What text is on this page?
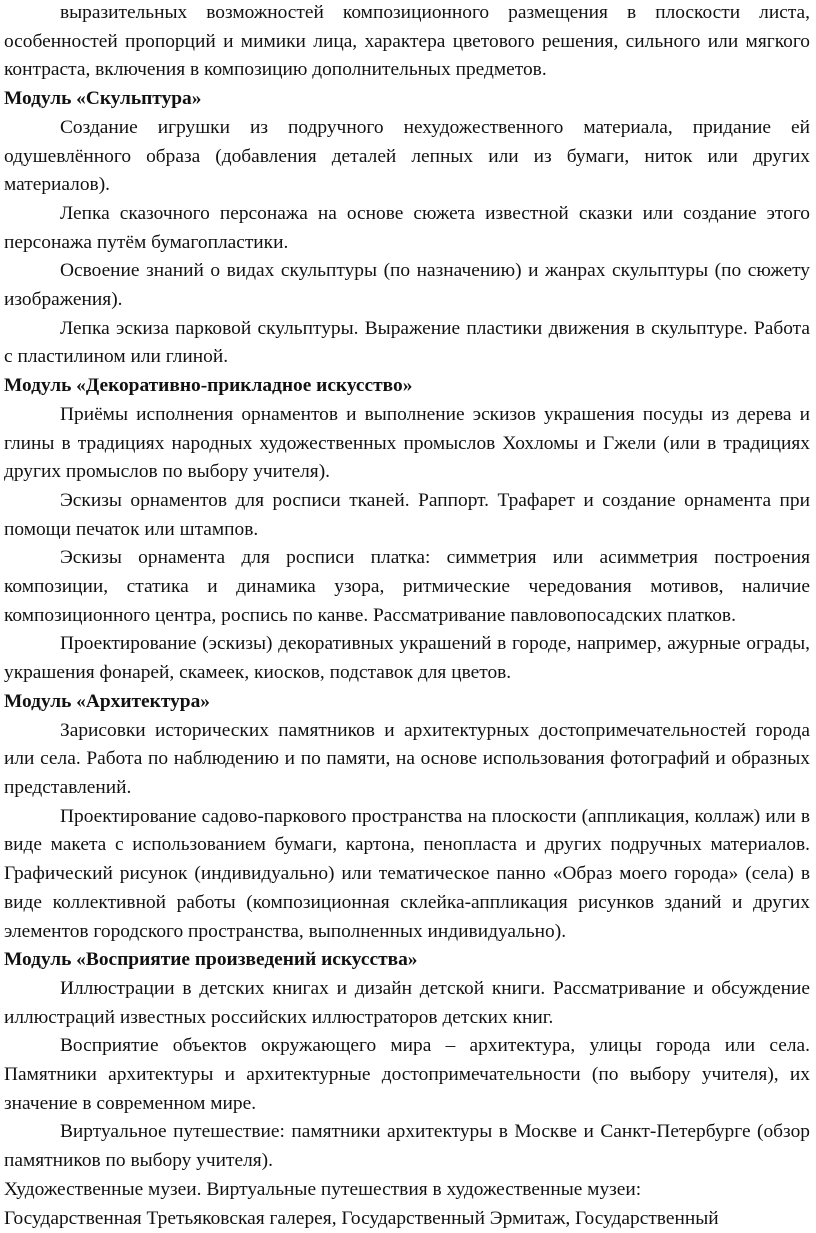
выразительных возможностей композиционного размещения в плоскости листа, особенностей пропорций и мимики лица, характера цветового решения, сильного или мягкого контраста, включения в композицию дополнительных предметов.

Модуль «Скульптура»

Создание игрушки из подручного нехудожественного материала, придание ей одушевлённого образа (добавления деталей лепных или из бумаги, ниток или других материалов).

Лепка сказочного персонажа на основе сюжета известной сказки или создание этого персонажа путём бумагопластики.

Освоение знаний о видах скульптуры (по назначению) и жанрах скульптуры (по сюжету изображения).

Лепка эскиза парковой скульптуры. Выражение пластики движения в скульптуре. Работа с пластилином или глиной.

Модуль «Декоративно-прикладное искусство»

Приёмы исполнения орнаментов и выполнение эскизов украшения посуды из дерева и глины в традициях народных художественных промыслов Хохломы и Гжели (или в традициях других промыслов по выбору учителя).

Эскизы орнаментов для росписи тканей. Раппорт. Трафарет и создание орнамента при помощи печаток или штампов.

Эскизы орнамента для росписи платка: симметрия или асимметрия построения композиции, статика и динамика узора, ритмические чередования мотивов, наличие композиционного центра, роспись по канве. Рассматривание павловопосадских платков.

Проектирование (эскизы) декоративных украшений в городе, например, ажурные ограды, украшения фонарей, скамеек, киосков, подставок для цветов.

Модуль «Архитектура»

Зарисовки исторических памятников и архитектурных достопримечательностей города или села. Работа по наблюдению и по памяти, на основе использования фотографий и образных представлений.

Проектирование садово-паркового пространства на плоскости (аппликация, коллаж) или в виде макета с использованием бумаги, картона, пенопласта и других подручных материалов. Графический рисунок (индивидуально) или тематическое панно «Образ моего города» (села) в виде коллективной работы (композиционная склейка-аппликация рисунков зданий и других элементов городского пространства, выполненных индивидуально).

Модуль «Восприятие произведений искусства»

Иллюстрации в детских книгах и дизайн детской книги. Рассматривание и обсуждение иллюстраций известных российских иллюстраторов детских книг.

Восприятие объектов окружающего мира – архитектура, улицы города или села. Памятники архитектуры и архитектурные достопримечательности (по выбору учителя), их значение в современном мире.

Виртуальное путешествие: памятники архитектуры в Москве и Санкт-Петербурге (обзор памятников по выбору учителя).

Художественные музеи. Виртуальные путешествия в художественные музеи:

Государственная Третьяковская галерея, Государственный Эрмитаж, Государственный
